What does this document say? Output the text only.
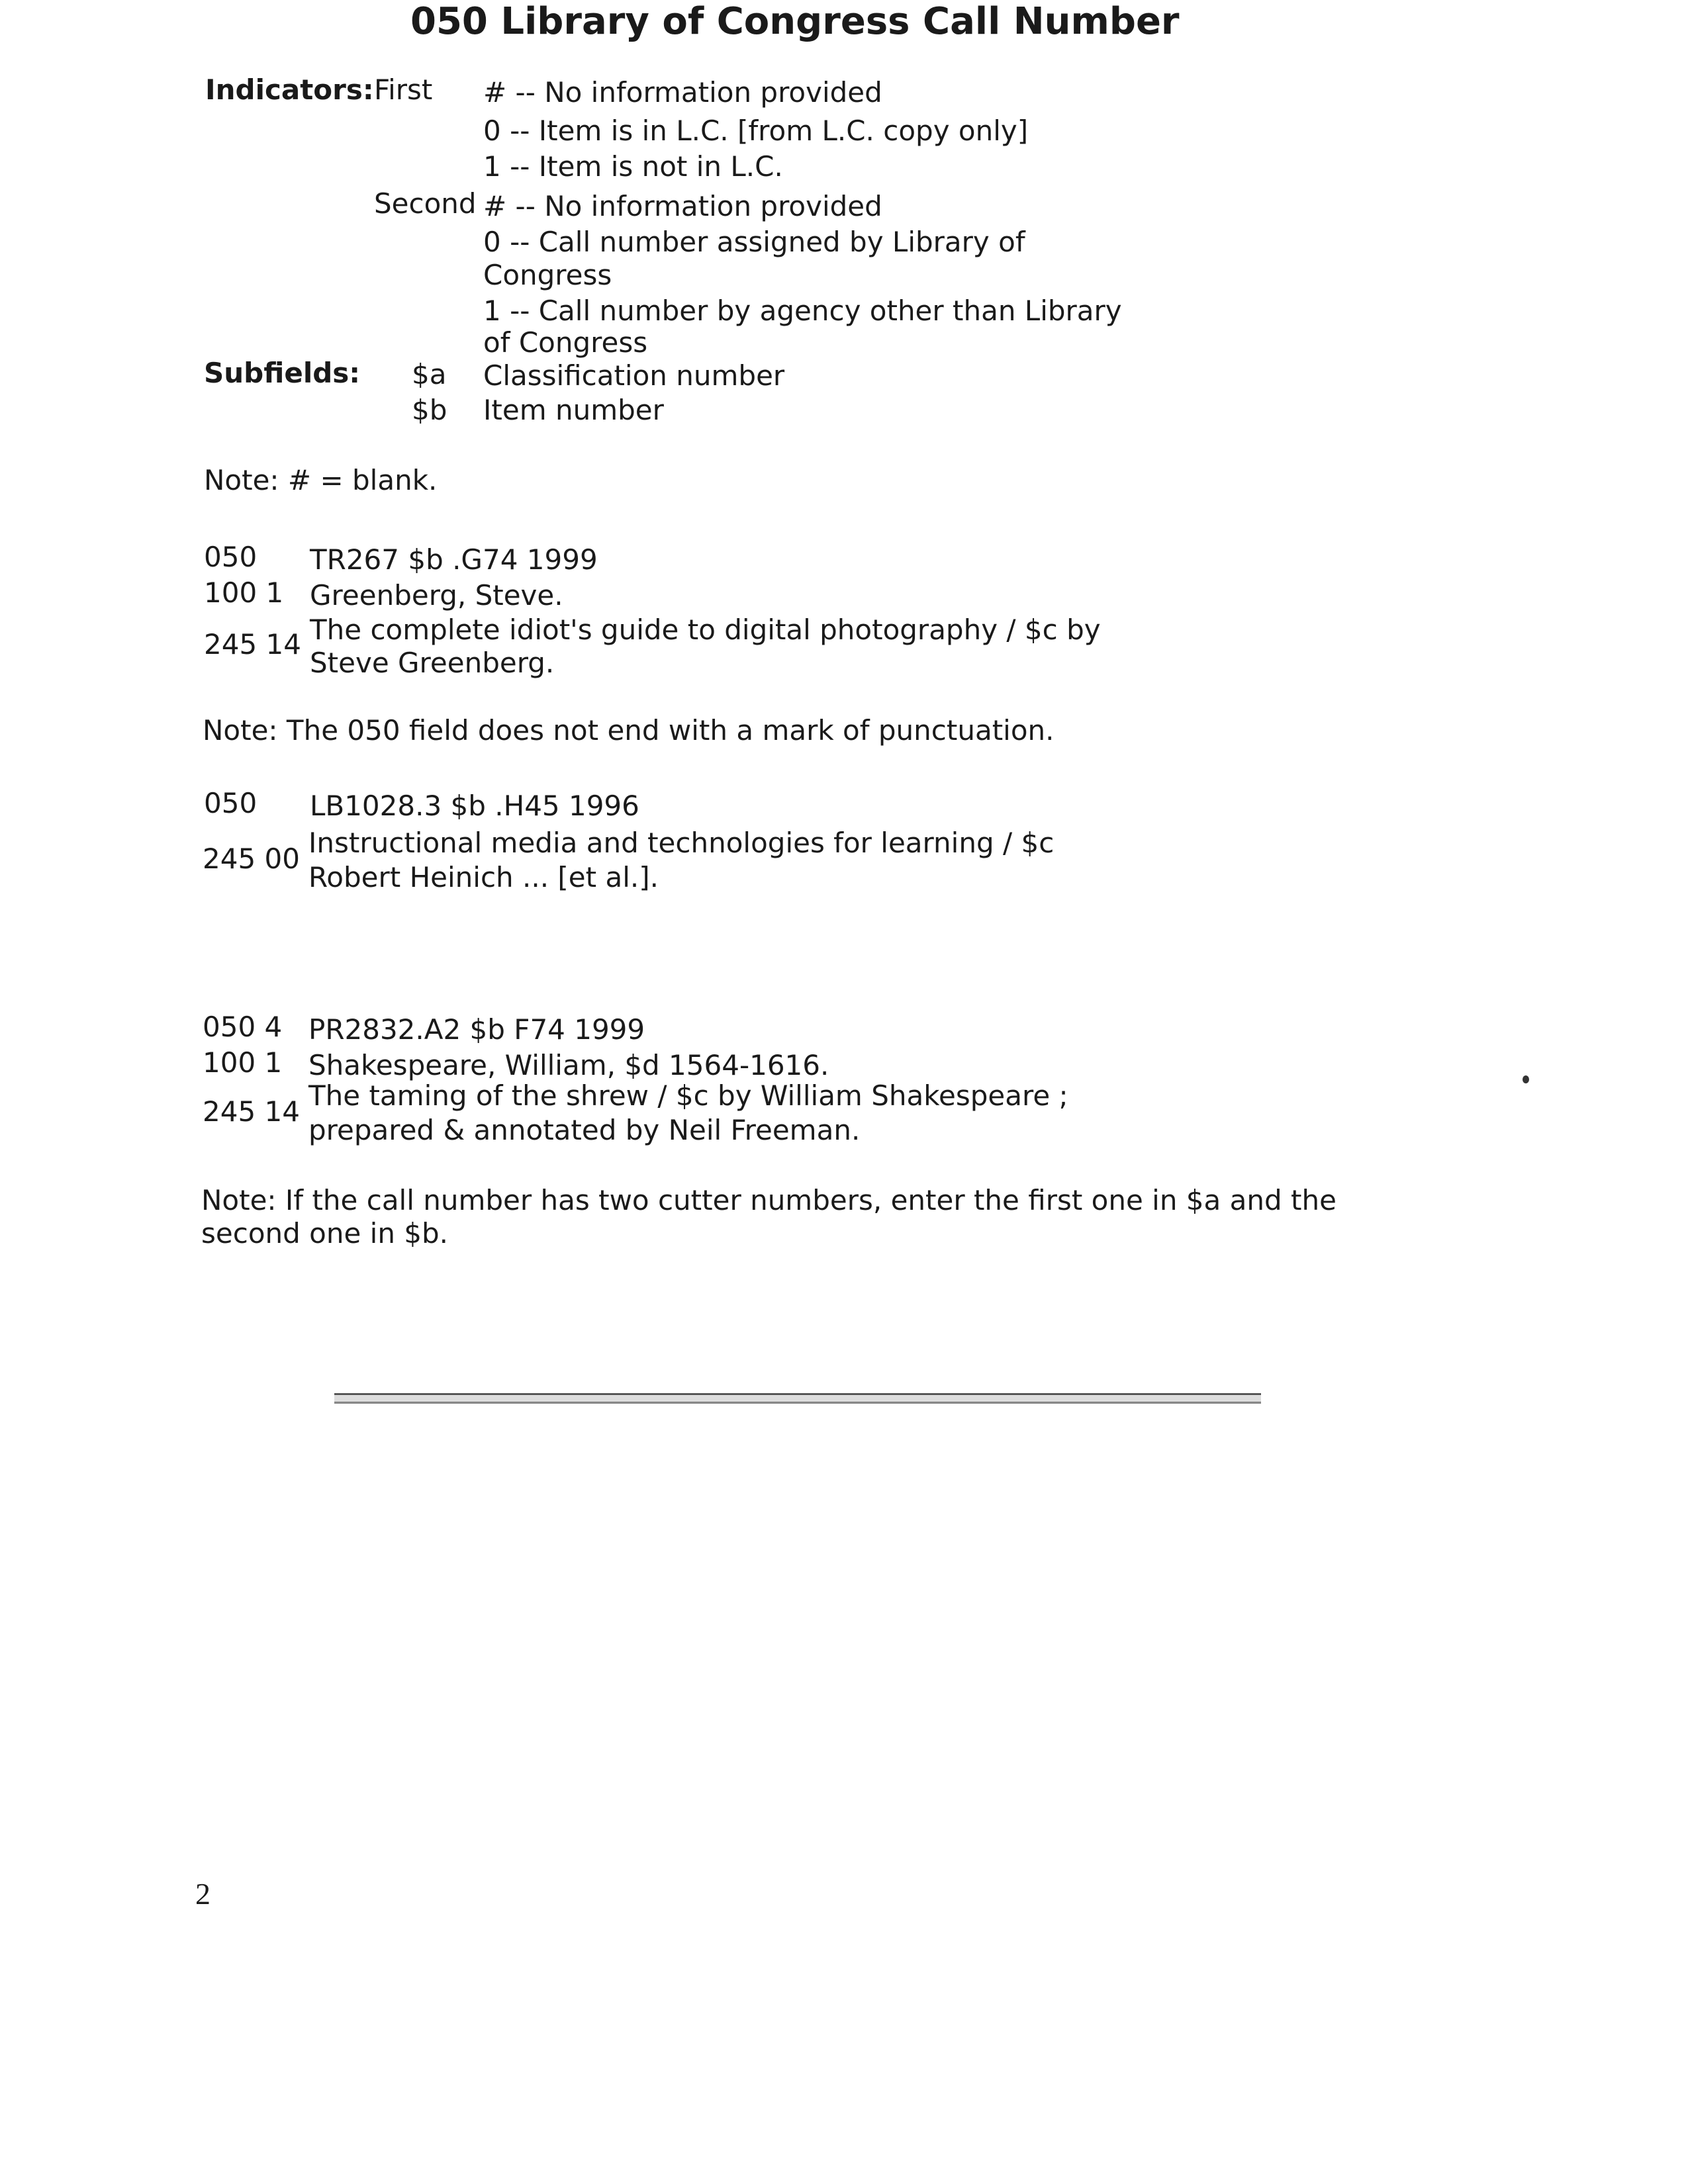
050 Library of Congress Call Number
Indicators: First # -- No information provided
0 -- Item is in L.C. [from L.C. copy only]
1 -- Item is not in L.C.
Second # -- No information provided
0 -- Call number assigned by Library of
Congress
1 -- Call number by agency other than Library
of Congress
Subfields: $a Classification number
$b Item number
Note: # = blank.
050 TR267 $b .G74 1999
100 1 Greenberg, Steve.
245 14 The complete idiot's guide to digital photography / $c by
Steve Greenberg.
Note: The 050 field does not end with a mark of punctuation.
050 LB1028.3 $b .H45 1996
245 00 Instructional media and technologies for learning / $c
Robert Heinich ... [et al.].
050 4 PR2832.A2 $b F74 1999
100 1 Shakespeare, William, $d 1564-1616.
245 14 The taming of the shrew / $c by William Shakespeare ;
prepared & annotated by Neil Freeman.
Note: If the call number has two cutter numbers, enter the first one in $a and the
second one in $b.
2
